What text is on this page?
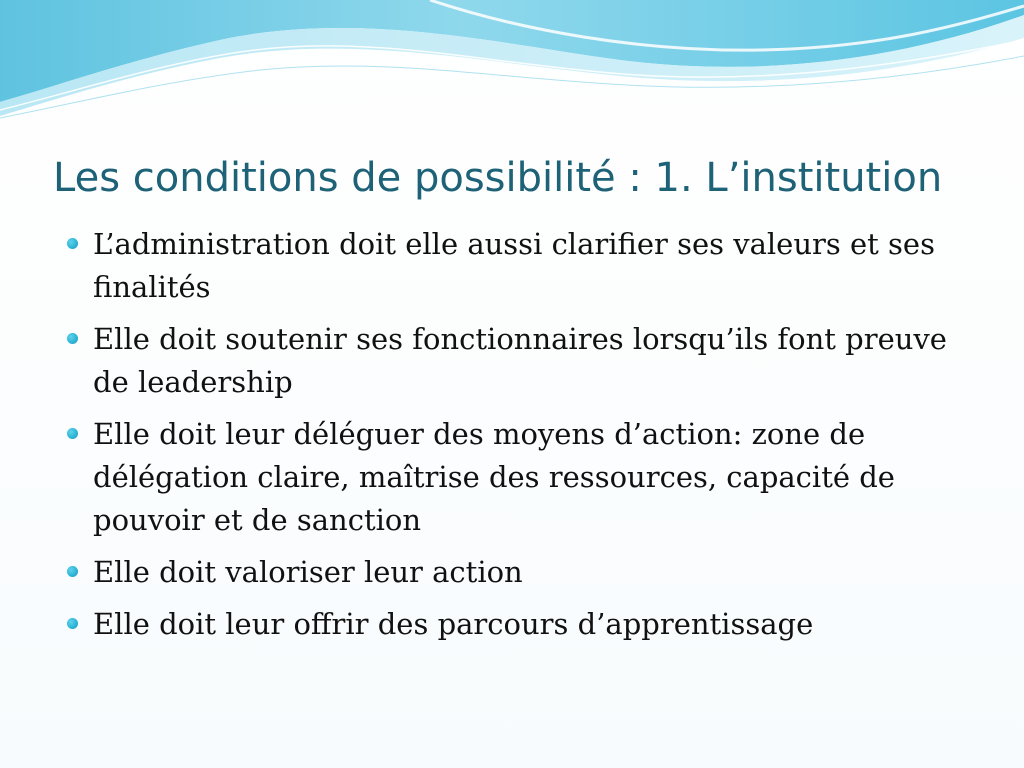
Les conditions de possibilité : 1. L’institution
L’administration doit elle aussi clarifier ses valeurs et ses finalités
Elle doit soutenir ses fonctionnaires lorsqu’ils font preuve de leadership
Elle doit leur déléguer des moyens d’action: zone de délégation claire, maîtrise des ressources, capacité de pouvoir et de sanction
Elle doit valoriser leur action
Elle doit leur offrir des parcours d’apprentissage
